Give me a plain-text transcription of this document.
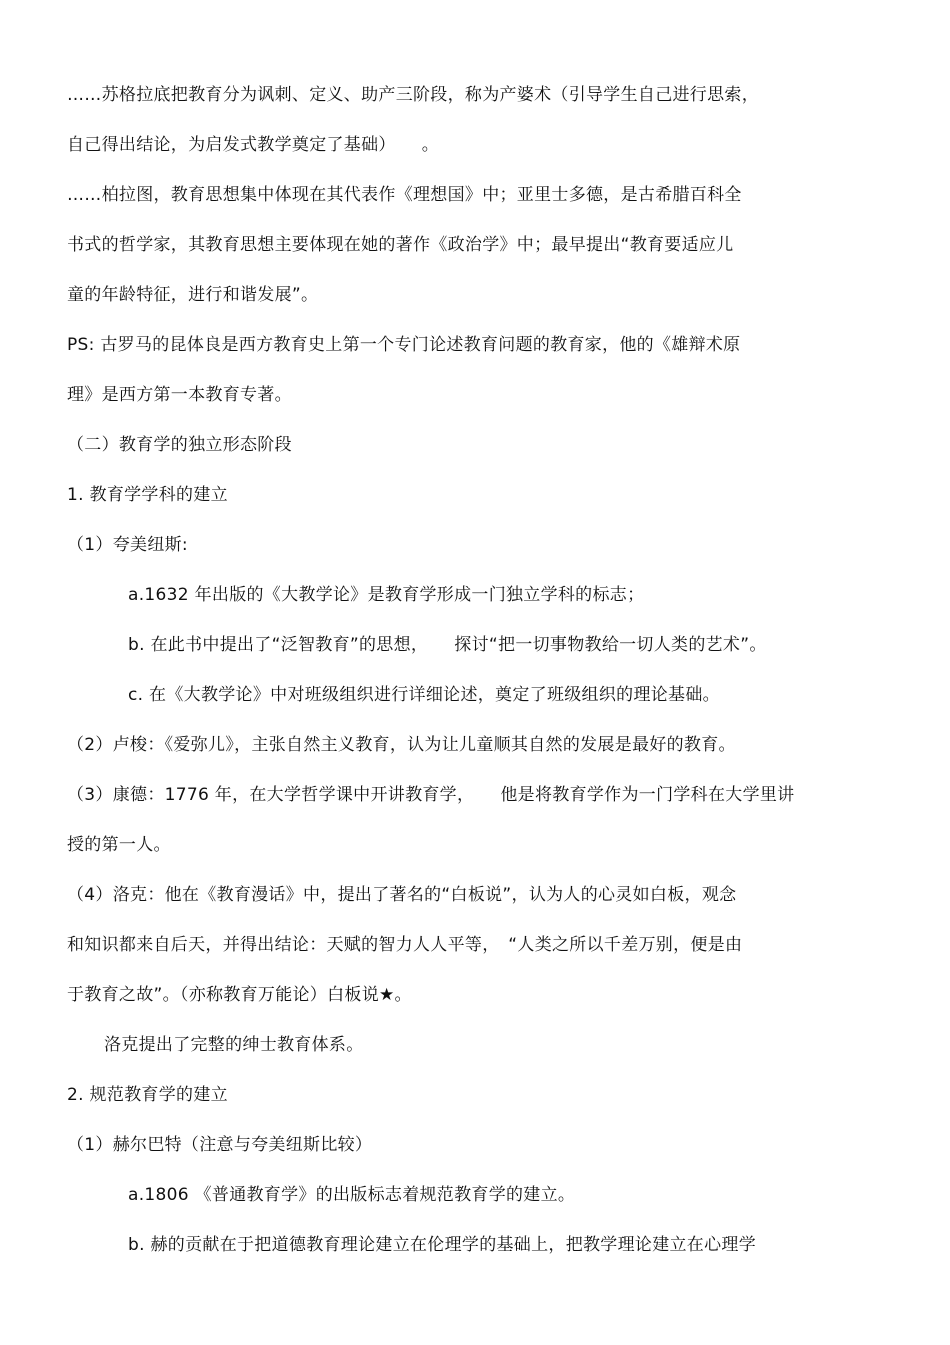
……苏格拉底把教育分为讽刺、定义、助产三阶段，称为产婆术（引导学生自己进行思索，
自己得出结论，为启发式教学奠定了基础）　　。
……柏拉图，教育思想集中体现在其代表作《理想国》中；亚里士多德，是古希腊百科全
书式的哲学家，其教育思想主要体现在她的著作《政治学》中；最早提出“教育要适应儿
童的年龄特征，进行和谐发展”。
PS: 古罗马的昆体良是西方教育史上第一个专门论述教育问题的教育家，他的《雄辩术原
理》是西方第一本教育专著。
（二）教育学的独立形态阶段
1. 教育学学科的建立
（1）夸美纽斯:
a.1632 年出版的《大教学论》是教育学形成一门独立学科的标志；
b. 在此书中提出了“泛智教育”的思想，　　探讨“把一切事物教给一切人类的艺术”。
c. 在《大教学论》中对班级组织进行详细论述，奠定了班级组织的理论基础。
（2）卢梭：《爱弥儿》，主张自然主义教育，认为让儿童顺其自然的发展是最好的教育。
（3）康德：1776 年，在大学哲学课中开讲教育学，　　他是将教育学作为一门学科在大学里讲
授的第一人。
（4）洛克：他在《教育漫话》中，提出了著名的“白板说”，认为人的心灵如白板，观念
和知识都来自后天，并得出结论：天赋的智力人人平等，　“人类之所以千差万别，便是由
于教育之故”。（亦称教育万能论）白板说★。
洛克提出了完整的绅士教育体系。
2. 规范教育学的建立
（1）赫尔巴特（注意与夸美纽斯比较）
a.1806 《普通教育学》的出版标志着规范教育学的建立。
b. 赫的贡献在于把道德教育理论建立在伦理学的基础上，把教学理论建立在心理学
